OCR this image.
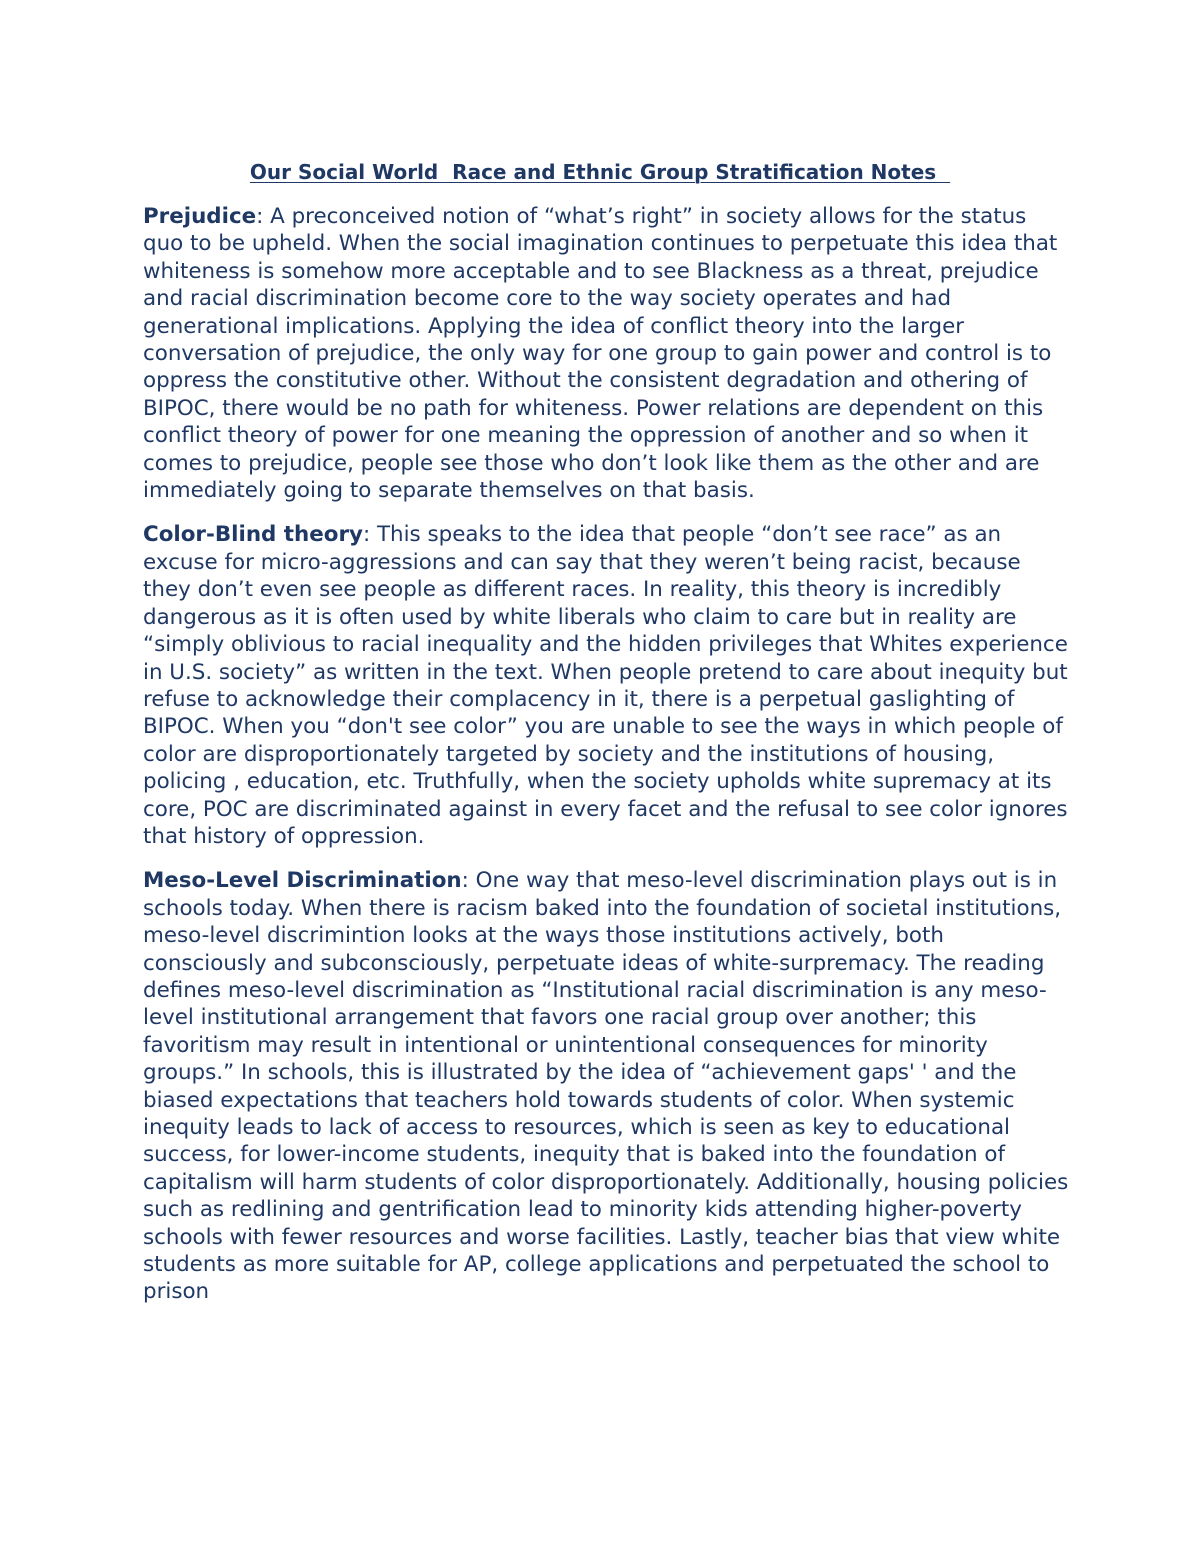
Our Social World  Race and Ethnic Group Stratification Notes

Prejudice: A preconceived notion of “what’s right” in society allows for the status quo to be upheld. When the social imagination continues to perpetuate this idea that whiteness is somehow more acceptable and to see Blackness as a threat, prejudice and racial discrimination become core to the way society operates and had generational implications. Applying the idea of conflict theory into the larger conversation of prejudice, the only way for one group to gain power and control is to oppress the constitutive other. Without the consistent degradation and othering of BIPOC, there would be no path for whiteness. Power relations are dependent on this conflict theory of power for one meaning the oppression of another and so when it comes to prejudice, people see those who don’t look like them as the other and are immediately going to separate themselves on that basis.

Color-Blind theory: This speaks to the idea that people “don’t see race” as an excuse for micro-aggressions and can say that they weren’t being racist, because they don’t even see people as different races. In reality, this theory is incredibly dangerous as it is often used by white liberals who claim to care but in reality are “simply oblivious to racial inequality and the hidden privileges that Whites experience in U.S. society” as written in the text. When people pretend to care about inequity but refuse to acknowledge their complacency in it, there is a perpetual gaslighting of BIPOC. When you “don't see color” you are unable to see the ways in which people of color are disproportionately targeted by society and the institutions of housing, policing , education, etc. Truthfully, when the society upholds white supremacy at its core, POC are discriminated against in every facet and the refusal to see color ignores that history of oppression.

Meso-Level Discrimination: One way that meso-level discrimination plays out is in schools today. When there is racism baked into the foundation of societal institutions, meso-level discrimintion looks at the ways those institutions actively, both consciously and subconsciously, perpetuate ideas of white-surpremacy. The reading defines meso-level discrimination as “Institutional racial discrimination is any meso-level institutional arrangement that favors one racial group over another; this favoritism may result in intentional or unintentional consequences for minority groups.” In schools, this is illustrated by the idea of “achievement gaps' ' and the biased expectations that teachers hold towards students of color. When systemic inequity leads to lack of access to resources, which is seen as key to educational success, for lower-income students, inequity that is baked into the foundation of capitalism will harm students of color disproportionately. Additionally, housing policies such as redlining and gentrification lead to minority kids attending higher-poverty schools with fewer resources and worse facilities. Lastly, teacher bias that view white students as more suitable for AP, college applications and perpetuated the school to prison
